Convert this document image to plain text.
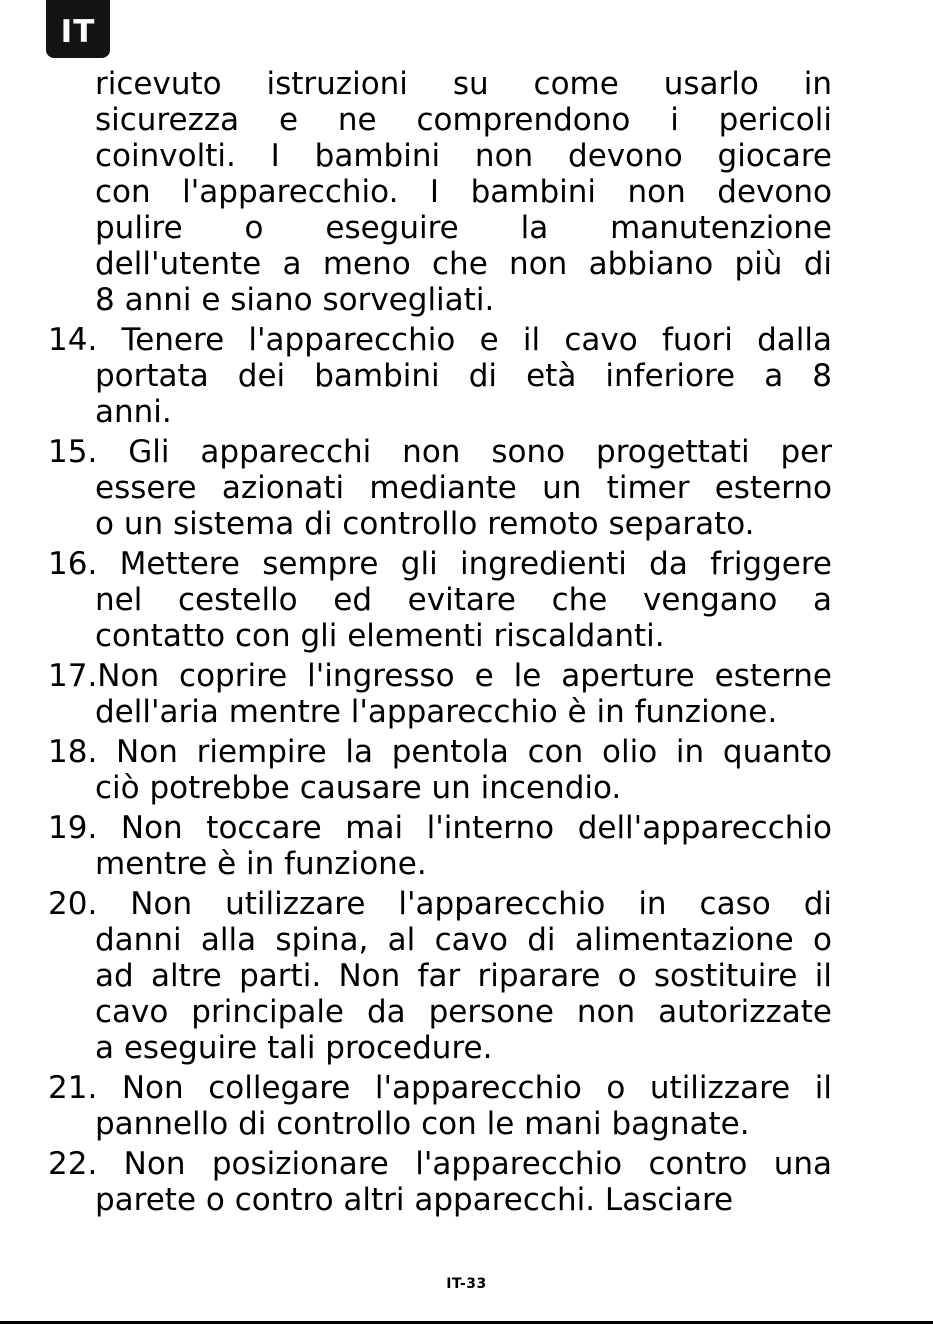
IT
ricevuto istruzioni su come usarlo in
sicurezza e ne comprendono i pericoli
coinvolti. I bambini non devono giocare
con l'apparecchio. I bambini non devono
pulire o eseguire la manutenzione
dell'utente a meno che non abbiano più di
8 anni e siano sorvegliati.
14. Tenere l'apparecchio e il cavo fuori dalla
portata dei bambini di età inferiore a 8
anni.
15. Gli apparecchi non sono progettati per
essere azionati mediante un timer esterno
o un sistema di controllo remoto separato.
16. Mettere sempre gli ingredienti da friggere
nel cestello ed evitare che vengano a
contatto con gli elementi riscaldanti.
17.Non coprire l'ingresso e le aperture esterne
dell'aria mentre l'apparecchio è in funzione.
18. Non riempire la pentola con olio in quanto
ciò potrebbe causare un incendio.
19. Non toccare mai l'interno dell'apparecchio
mentre è in funzione.
20. Non utilizzare l'apparecchio in caso di
danni alla spina, al cavo di alimentazione o
ad altre parti. Non far riparare o sostituire il
cavo principale da persone non autorizzate
a eseguire tali procedure.
21. Non collegare l'apparecchio o utilizzare il
pannello di controllo con le mani bagnate.
22. Non posizionare l'apparecchio contro una
parete o contro altri apparecchi. Lasciare
IT-33
